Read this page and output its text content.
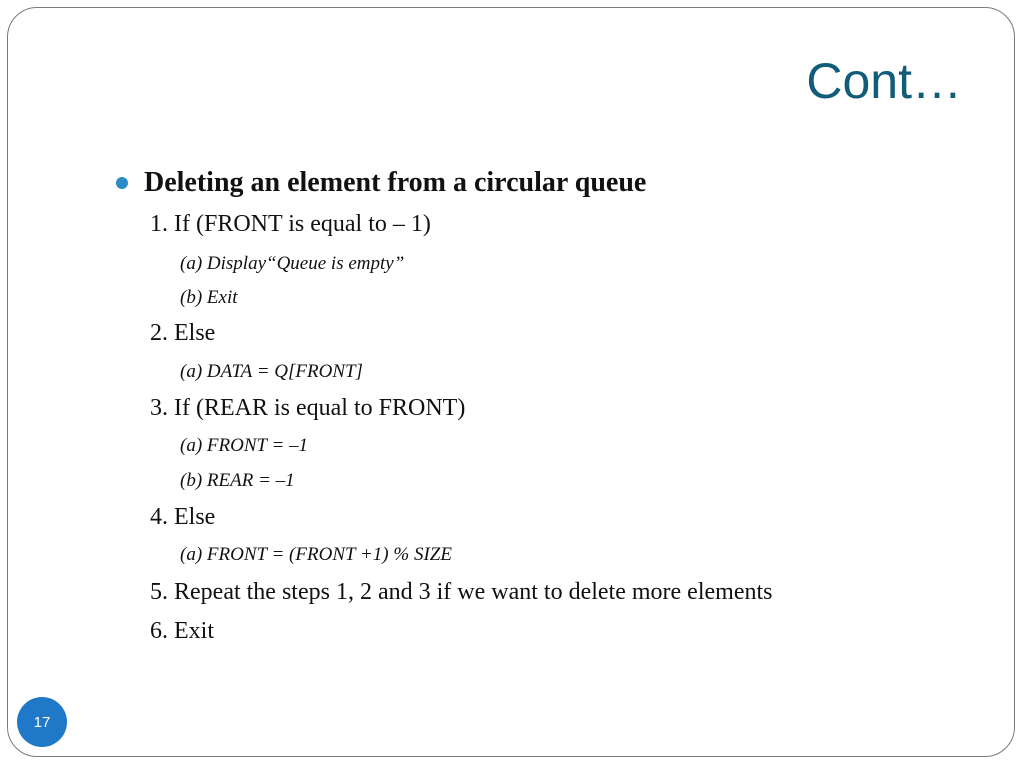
Cont…
Deleting an element from a circular queue
1. If (FRONT is equal to – 1)
(a) Display“Queue is empty”
(b) Exit
2. Else
(a) DATA = Q[FRONT]
3. If (REAR is equal to FRONT)
(a) FRONT = –1
(b) REAR = –1
4. Else
(a) FRONT = (FRONT +1) % SIZE
5. Repeat the steps 1, 2 and 3 if we want to delete more elements
6. Exit
17
